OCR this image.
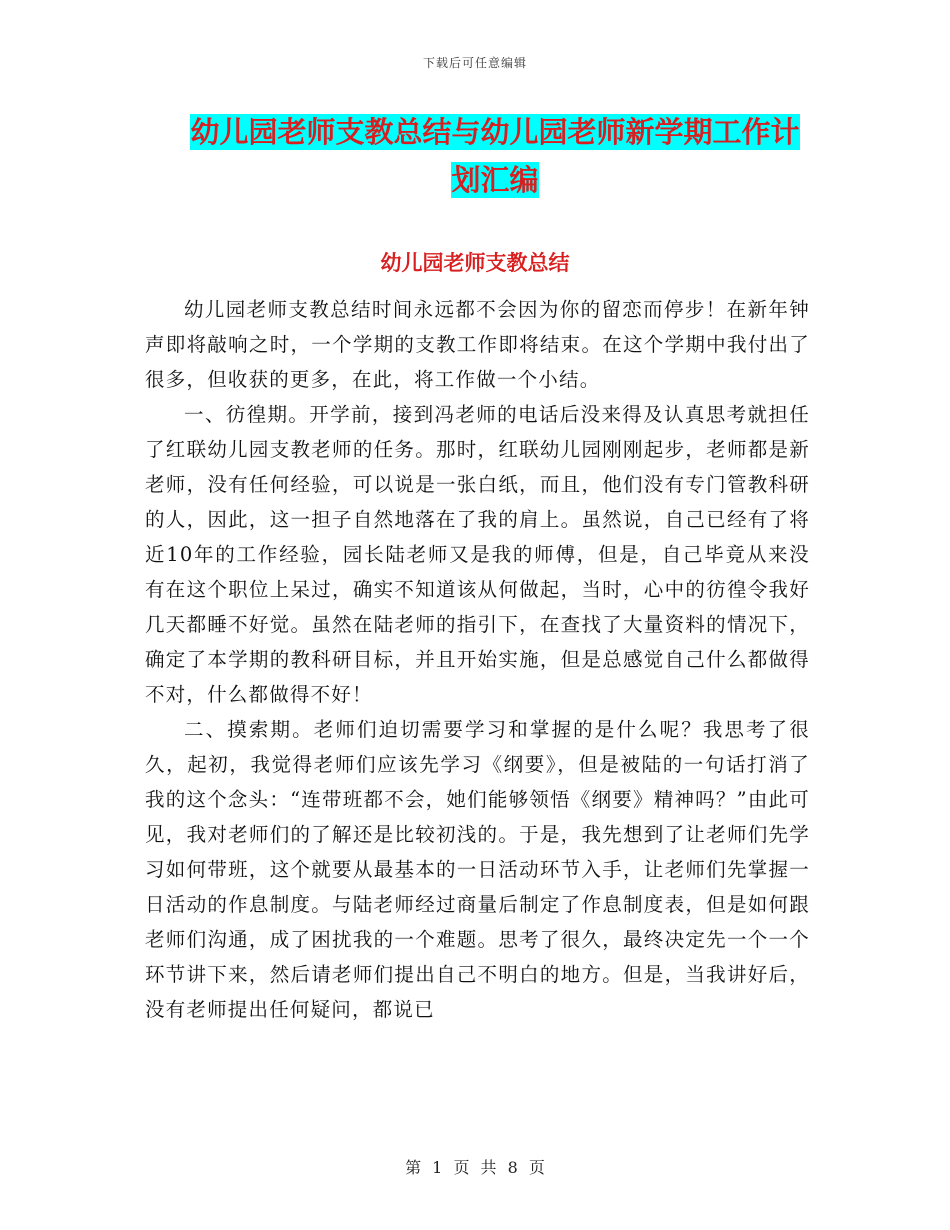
下载后可任意编辑
幼儿园老师支教总结与幼儿园老师新学期工作计划汇编
幼儿园老师支教总结

幼儿园老师支教总结时间永远都不会因为你的留恋而停步！在新年钟声即将敲响之时，一个学期的支教工作即将结束。在这个学期中我付出了很多，但收获的更多，在此，将工作做一个小结。

一、彷徨期。开学前，接到冯老师的电话后没来得及认真思考就担任了红联幼儿园支教老师的任务。那时，红联幼儿园刚刚起步，老师都是新老师，没有任何经验，可以说是一张白纸，而且，他们没有专门管教科研的人，因此，这一担子自然地落在了我的肩上。虽然说，自己已经有了将近10年的工作经验，园长陆老师又是我的师傅，但是，自己毕竟从来没有在这个职位上呆过，确实不知道该从何做起，当时，心中的彷徨令我好几天都睡不好觉。虽然在陆老师的指引下，在查找了大量资料的情况下，确定了本学期的教科研目标，并且开始实施，但是总感觉自己什么都做得不对，什么都做得不好！

二、摸索期。老师们迫切需要学习和掌握的是什么呢？我思考了很久，起初，我觉得老师们应该先学习《纲要》，但是被陆的一句话打消了我的这个念头：“连带班都不会，她们能够领悟《纲要》精神吗？”由此可见，我对老师们的了解还是比较初浅的。于是，我先想到了让老师们先学习如何带班，这个就要从最基本的一日活动环节入手，让老师们先掌握一日活动的作息制度。与陆老师经过商量后制定了作息制度表，但是如何跟老师们沟通，成了困扰我的一个难题。思考了很久，最终决定先一个一个环节讲下来，然后请老师们提出自己不明白的地方。但是，当我讲好后，没有老师提出任何疑问，都说已

第 1 页 共 8 页
